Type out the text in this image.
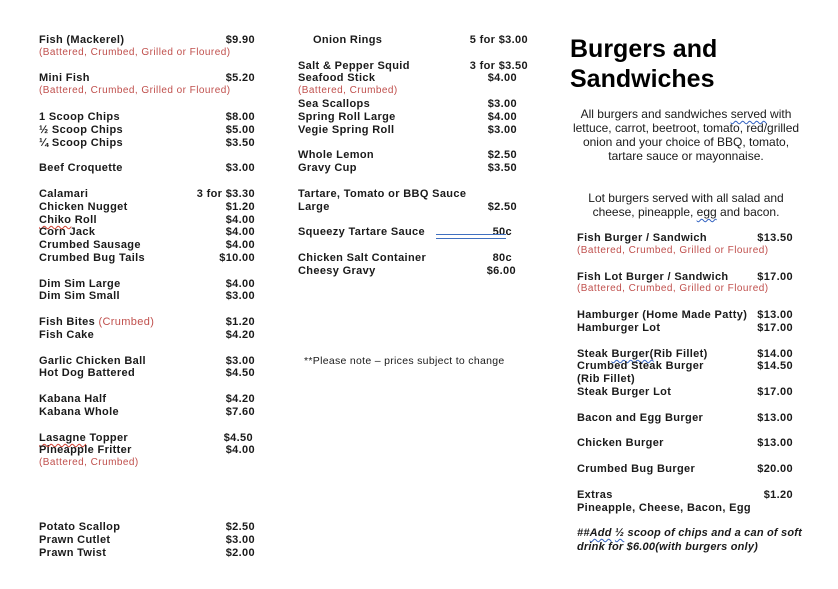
Fish (Mackerel)	$9.90
(Battered, Crumbed, Grilled or Floured)
Mini Fish	$5.20
(Battered, Crumbed, Grilled or Floured)
1 Scoop Chips	$8.00
½ Scoop Chips	$5.00
¼ Scoop Chips	$3.50
Beef Croquette	$3.00
Calamari	3 for $3.30
Chicken Nugget	$1.20
Chiko Roll	$4.00
Corn Jack	$4.00
Crumbed Sausage	$4.00
Crumbed Bug Tails	$10.00
Dim Sim Large	$4.00
Dim Sim Small	$3.00
Fish Bites (Crumbed)	$1.20
Fish Cake	$4.20
Garlic Chicken Ball	$3.00
Hot Dog Battered	$4.50
Kabana Half	$4.20
Kabana Whole	$7.60
Lasagne Topper	$4.50
Pineapple Fritter	$4.00
(Battered, Crumbed)
Potato Scallop	$2.50
Prawn Cutlet	$3.00
Prawn Twist	$2.00
Onion Rings	5 for $3.00
Salt & Pepper Squid	3 for $3.50
Seafood Stick	$4.00
(Battered, Crumbed)
Sea Scallops	$3.00
Spring Roll Large	$4.00
Vegie Spring Roll	$3.00
Whole Lemon	$2.50
Gravy Cup	$3.50
Tartare, Tomato or BBQ Sauce
Large	$2.50
Squeezy Tartare Sauce	50c
Chicken Salt Container	80c
Cheesy Gravy	$6.00
**Please note – prices subject to change
Burgers and
Sandwiches
All burgers and sandwiches served with lettuce, carrot, beetroot, tomato, red/grilled onion and your choice of BBQ, tomato, tartare sauce or mayonnaise.
Lot burgers served with all salad and cheese, pineapple, egg and bacon.
Fish Burger / Sandwich	$13.50
(Battered, Crumbed, Grilled or Floured)
Fish Lot Burger / Sandwich	$17.00
(Battered, Crumbed, Grilled or Floured)
Hamburger (Home Made Patty) $13.00
Hamburger Lot	$17.00
Steak Burger(Rib Fillet)	$14.00
Crumbed Steak Burger	$14.50
(Rib Fillet)
Steak Burger Lot	$17.00
Bacon and Egg Burger	$13.00
Chicken Burger	$13.00
Crumbed Bug Burger	$20.00
Extras	$1.20
Pineapple, Cheese, Bacon, Egg
##Add ½ scoop of chips and a can of soft drink for $6.00(with burgers only)
